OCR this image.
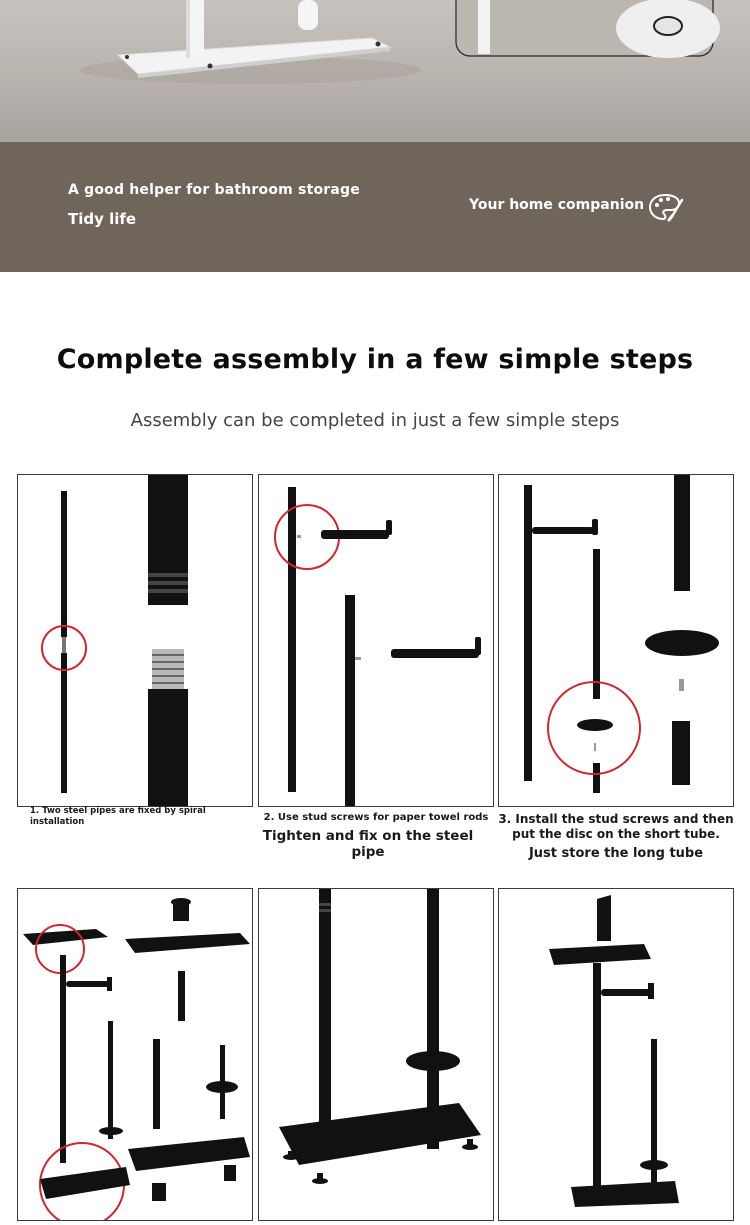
A good helper for bathroom storage
Tidy life
Your home companion
Complete assembly in a few simple steps
Assembly can be completed in just a few simple steps
1. Two steel pipes are fixed by spiral installation	2. Use stud screws for paper towel rods
Tighten and fix on the steel pipe
3. Install the stud screws and then put the disc on the short tube.
Just store the long tube
